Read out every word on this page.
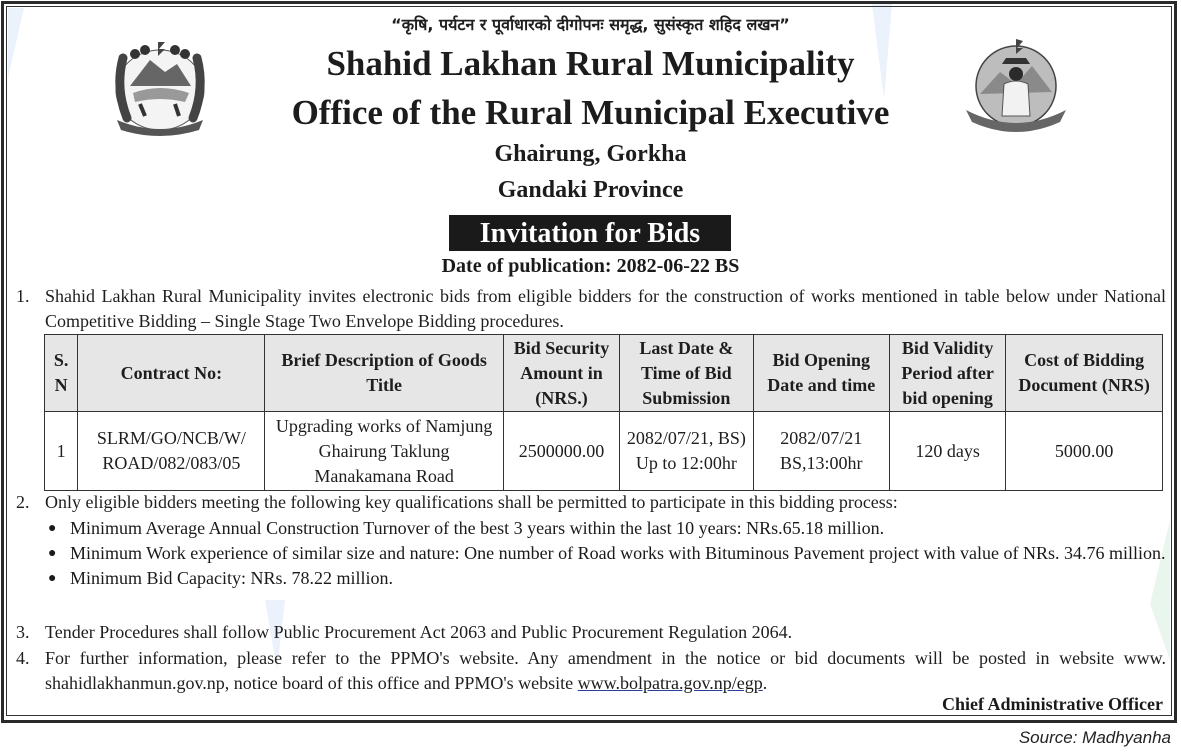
“कृषि, पर्यटन र पूर्वाधारको दीगोपनः समृद्ध, सुसंस्कृत शहिद लखन”
Shahid Lakhan Rural Municipality
Office of the Rural Municipal Executive
Ghairung, Gorkha
Gandaki Province
Invitation for Bids
Date of publication: 2082-06-22 BS
1. Shahid Lakhan Rural Municipality invites electronic bids from eligible bidders for the construction of works mentioned in table below under National Competitive Bidding – Single Stage Two Envelope Bidding procedures.
S. N	Contract No:	Brief Description of Goods Title	Bid Security Amount in (NRS.)	Last Date & Time of Bid Submission	Bid Opening Date and time	Bid Validity Period after bid opening	Cost of Bidding Document (NRS)
1	SLRM/GO/NCB/W/ ROAD/082/083/05	Upgrading works of Namjung Ghairung Taklung Manakamana Road	2500000.00	2082/07/21, BS) Up to 12:00hr	2082/07/21 BS,13:00hr	120 days	5000.00
2. Only eligible bidders meeting the following key qualifications shall be permitted to participate in this bidding process:
● Minimum Average Annual Construction Turnover of the best 3 years within the last 10 years: NRs.65.18 million.
● Minimum Work experience of similar size and nature: One number of Road works with Bituminous Pavement project with value of NRs. 34.76 million.
● Minimum Bid Capacity: NRs. 78.22 million.
3. Tender Procedures shall follow Public Procurement Act 2063 and Public Procurement Regulation 2064.
4. For further information, please refer to the PPMO's website. Any amendment in the notice or bid documents will be posted in website www. shahidlakhanmun.gov.np, notice board of this office and PPMO's website www.bolpatra.gov.np/egp.
Chief Administrative Officer
Source: Madhyanha
